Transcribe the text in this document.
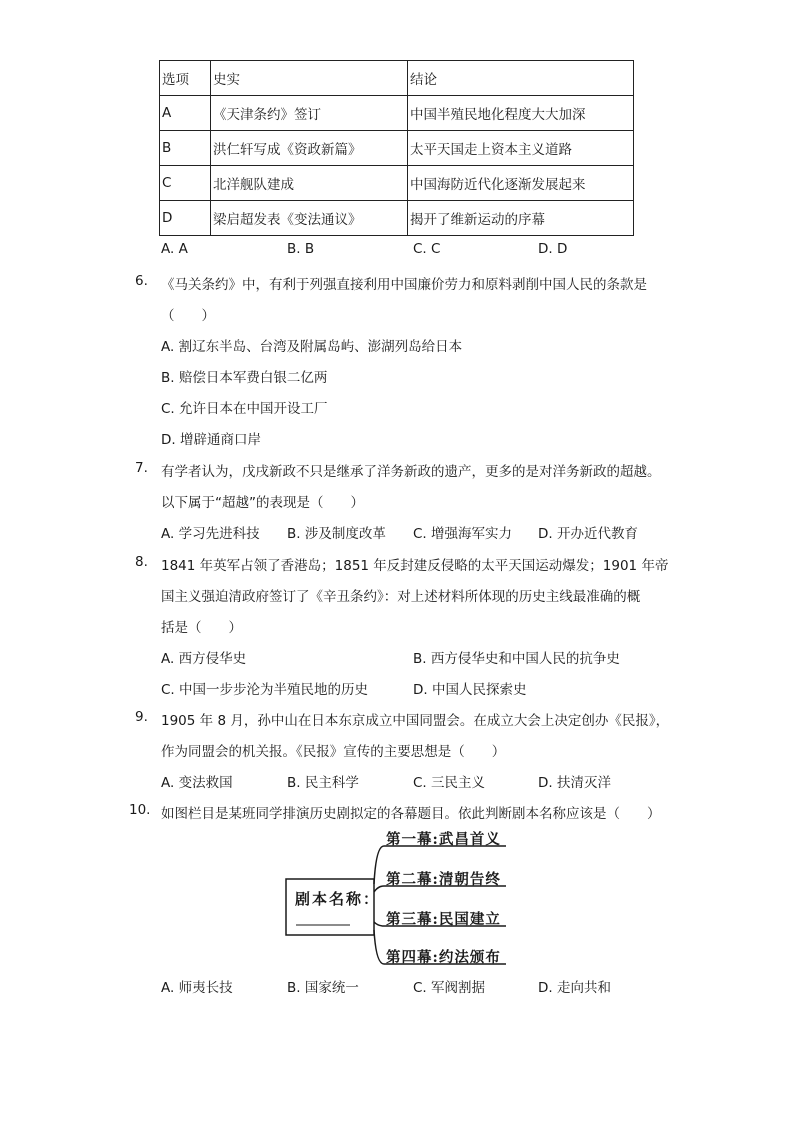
选项	史实	结论
A	《天津条约》签订	中国半殖民地化程度大大加深
B	洪仁轩写成《资政新篇》	太平天国走上资本主义道路
C	北洋舰队建成	中国海防近代化逐渐发展起来
D	梁启超发表《变法通议》	揭开了维新运动的序幕
A. A	B. B	C. C	D. D
6. 《马关条约》中，有利于列强直接利用中国廉价劳力和原料剥削中国人民的条款是
（　　）
A. 割辽东半岛、台湾及附属岛屿、澎湖列岛给日本
B. 赔偿日本军费白银二亿两
C. 允许日本在中国开设工厂
D. 增辟通商口岸
7. 有学者认为，戊戌新政不只是继承了洋务新政的遗产，更多的是对洋务新政的超越。
以下属于“超越”的表现是（　　）
A. 学习先进科技 B. 涉及制度改革 C. 增强海军实力 D. 开办近代教育
8. 1841 年英军占领了香港岛；1851 年反封建反侵略的太平天国运动爆发；1901 年帝
国主义强迫清政府签订了《辛丑条约》：对上述材料所体现的历史主线最准确的概
括是（　　）
A. 西方侵华史	B. 西方侵华史和中国人民的抗争史
C. 中国一步步沦为半殖民地的历史	D. 中国人民探索史
9. 1905 年 8 月，孙中山在日本东京成立中国同盟会。在成立大会上决定创办《民报》，
作为同盟会的机关报。《民报》宣传的主要思想是（　　）
A. 变法救国	B. 民主科学	C. 三民主义	D. 扶清灭洋
10. 如图栏目是某班同学排演历史剧拟定的各幕题目。依此判断剧本名称应该是（　　）
剧本名称：
第一幕:武昌首义
第二幕:清朝告终
第三幕:民国建立
第四幕:约法颁布
A. 师夷长技	B. 国家统一	C. 军阀割据	D. 走向共和
